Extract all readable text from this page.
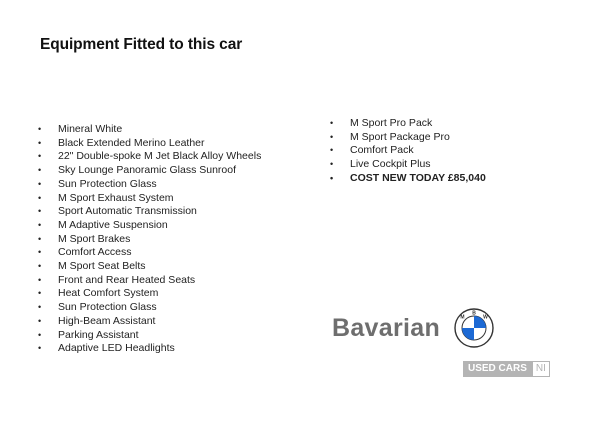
Equipment Fitted to this car
• Mineral White
• Black Extended Merino Leather
• 22" Double-spoke M Jet Black Alloy Wheels
• Sky Lounge Panoramic Glass Sunroof
• Sun Protection Glass
• M Sport Exhaust System
• Sport Automatic Transmission
• M Adaptive Suspension
• M Sport Brakes
• Comfort Access
• M Sport Seat Belts
• Front and Rear Heated Seats
• Heat Comfort System
• Sun Protection Glass
• High-Beam Assistant
• Parking Assistant
• Adaptive LED Headlights
• M Sport Pro Pack
• M Sport Package Pro
• Comfort Pack
• Live Cockpit Plus
• COST NEW TODAY £85,040
Bavarian	B
W
M
USED CARS NI
